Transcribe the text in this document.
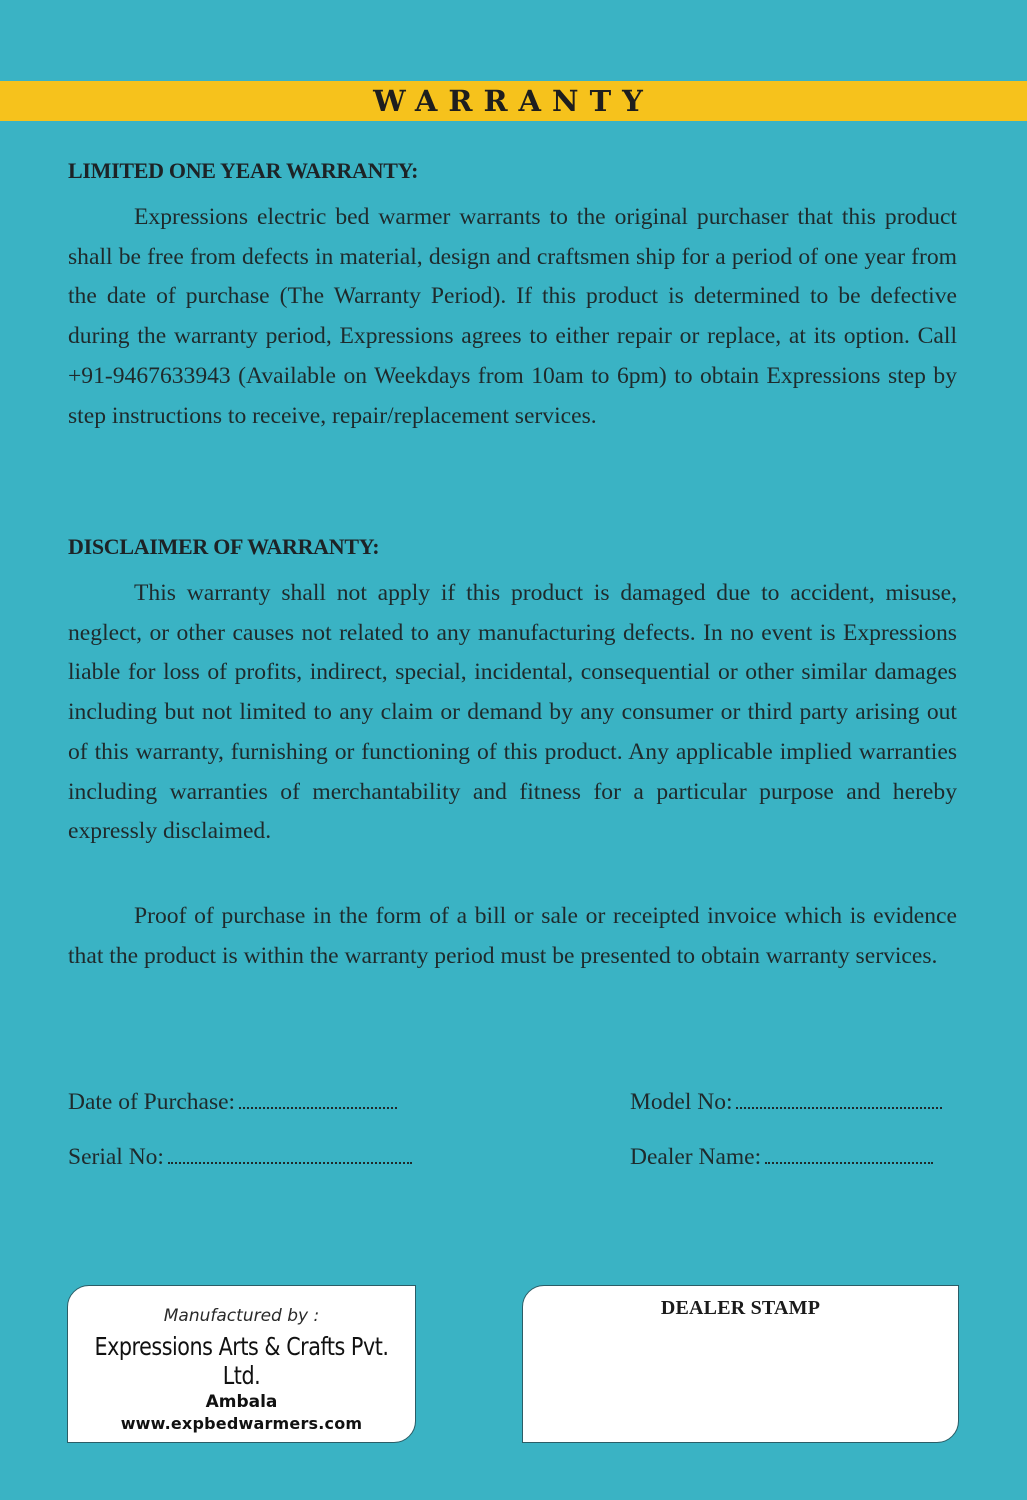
WARRANTY
LIMITED ONE YEAR WARRANTY:

Expressions electric bed warmer warrants to the original purchaser that this product shall be free from defects in material, design and craftsmen ship for a period of one year from the date of purchase (The Warranty Period). If this product is determined to be defective during the warranty period, Expressions agrees to either repair or replace, at its option. Call +91-9467633943 (Available on Weekdays from 10am to 6pm) to obtain Expressions step by step instructions to receive, repair/replacement services.

DISCLAIMER OF WARRANTY:

This warranty shall not apply if this product is damaged due to accident, misuse, neglect, or other causes not related to any manufacturing defects. In no event is Expressions liable for loss of profits, indirect, special, incidental, consequential or other similar damages including but not limited to any claim or demand by any consumer or third party arising out of this warranty, furnishing or functioning of this product. Any applicable implied warranties including warranties of merchantability and fitness for a particular purpose and hereby expressly disclaimed.

Proof of purchase in the form of a bill or sale or receipted invoice which is evidence that the product is within the warranty period must be presented to obtain warranty services.

Date of Purchase:
Serial No:
Model No:
Dealer Name:
Manufactured by :
Expressions Arts & Crafts Pvt. Ltd.
Ambala
www.expbedwarmers.com
DEALER STAMP
